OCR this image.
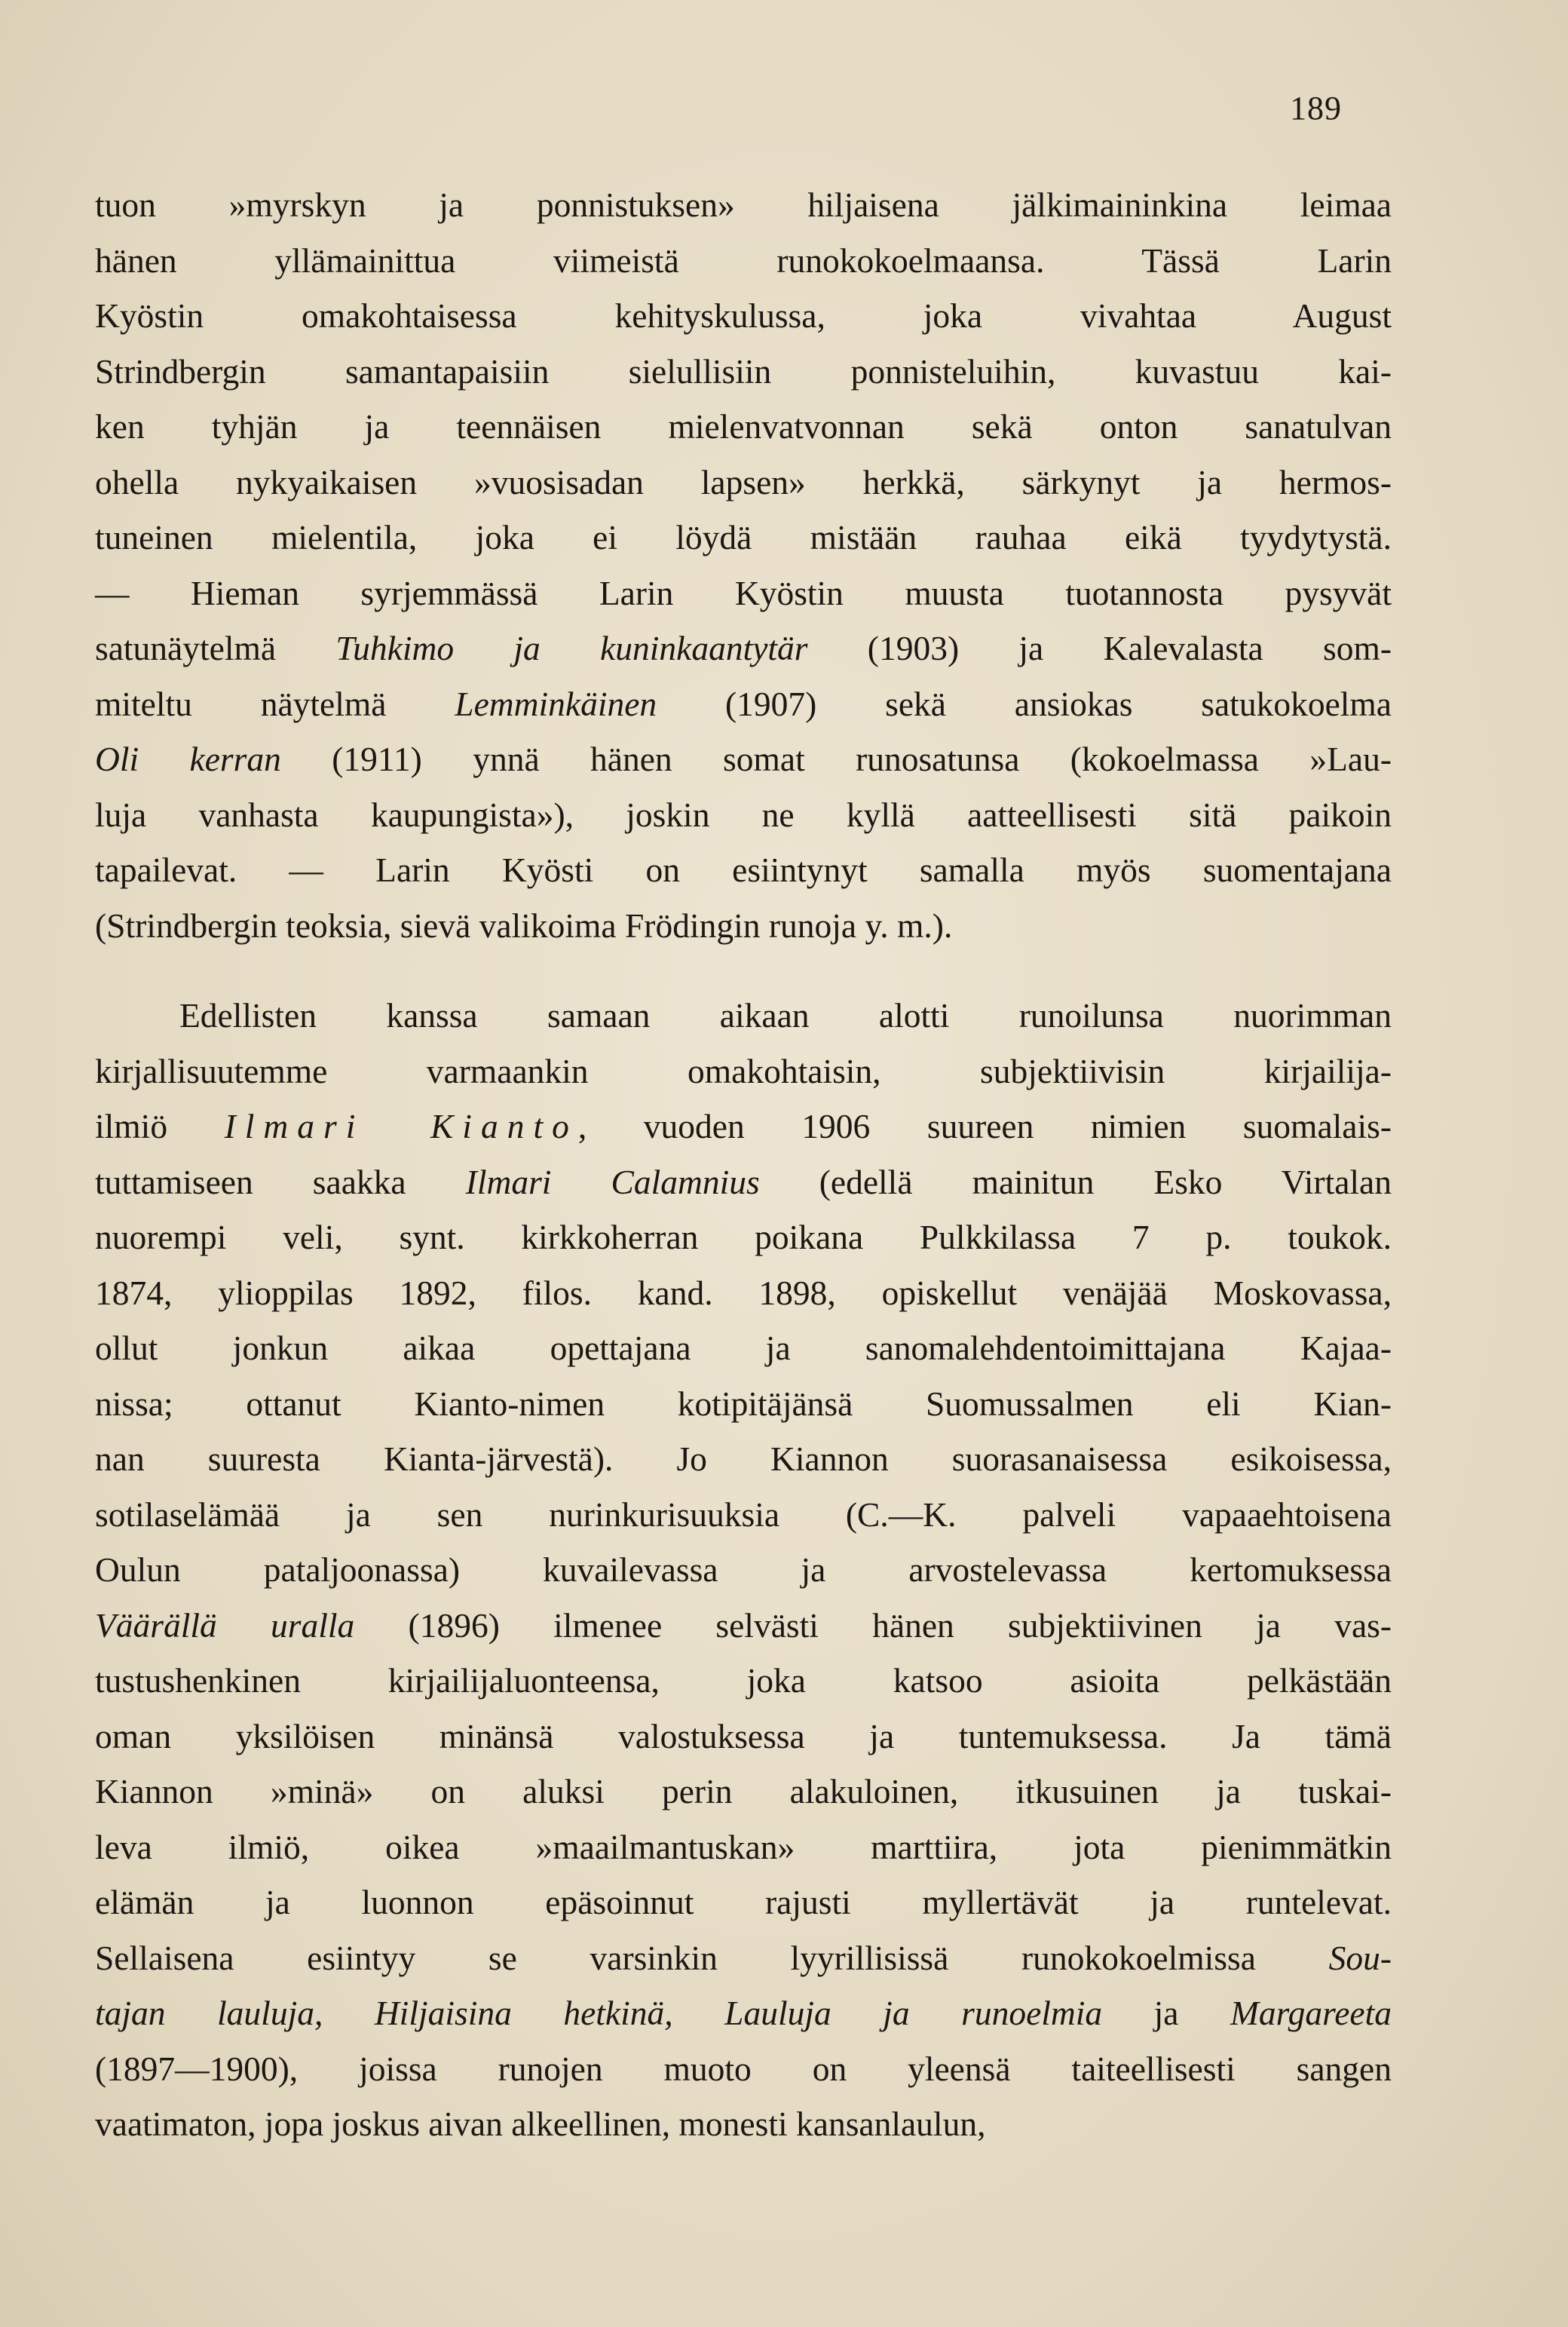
189
tuon »myrskyn ja ponnistuksen» hiljaisena jälkimaininkina leimaa
hänen yllämainittua viimeistä runokokoelmaansa. Tässä Larin
Kyöstin omakohtaisessa kehityskulussa, joka vivahtaa August
Strindbergin samantapaisiin sielullisiin ponnisteluihin, kuvastuu kai-
ken tyhjän ja teennäisen mielenvatvonnan sekä onton sanatulvan
ohella nykyaikaisen »vuosisadan lapsen» herkkä, särkynyt ja hermos-
tuneinen mielentila, joka ei löydä mistään rauhaa eikä tyydytystä.
— Hieman syrjemmässä Larin Kyöstin muusta tuotannosta pysyvät
satunäytelmä Tuhkimo ja kuninkaantytär (1903) ja Kalevalasta som-
miteltu näytelmä Lemminkäinen (1907) sekä ansiokas satukokoelma
Oli kerran (1911) ynnä hänen somat runosatunsa (kokoelmassa »Lau-
luja vanhasta kaupungista»), joskin ne kyllä aatteellisesti sitä paikoin
tapailevat. — Larin Kyösti on esiintynyt samalla myös suomentajana
(Strindbergin teoksia, sievä valikoima Frödingin runoja y. m.).
Edellisten kanssa samaan aikaan alotti runoilunsa nuorimman
kirjallisuutemme varmaankin omakohtaisin, subjektiivisin kirjailija-
ilmiö Ilmari Kianto, vuoden 1906 suureen nimien suomalais-
tuttamiseen saakka Ilmari Calamnius (edellä mainitun Esko Virtalan
nuorempi veli, synt. kirkkoherran poikana Pulkkilassa 7 p. toukok.
1874, ylioppilas 1892, filos. kand. 1898, opiskellut venäjää Moskovassa,
ollut jonkun aikaa opettajana ja sanomalehdentoimittajana Kajaa-
nissa; ottanut Kianto-nimen kotipitäjänsä Suomussalmen eli Kian-
nan suuresta Kianta-järvestä). Jo Kiannon suorasanaisessa esikoisessa,
sotilaselämää ja sen nurinkurisuuksia (C.—K. palveli vapaaehtoisena
Oulun pataljoonassa) kuvailevassa ja arvostelevassa kertomuksessa
Väärällä uralla (1896) ilmenee selvästi hänen subjektiivinen ja vas-
tustushenkinen kirjailijaluonteensa, joka katsoo asioita pelkästään
oman yksilöisen minänsä valostuksessa ja tuntemuksessa. Ja tämä
Kiannon »minä» on aluksi perin alakuloinen, itkusuinen ja tuskai-
leva ilmiö, oikea »maailmantuskan» marttiira, jota pienimmätkin
elämän ja luonnon epäsoinnut rajusti myllertävät ja runtelevat.
Sellaisena esiintyy se varsinkin lyyrillisissä runokokoelmissa Sou-
tajan lauluja, Hiljaisina hetkinä, Lauluja ja runoelmia ja Margareeta
(1897—1900), joissa runojen muoto on yleensä taiteellisesti sangen
vaatimaton, jopa joskus aivan alkeellinen, monesti kansanlaulun,
